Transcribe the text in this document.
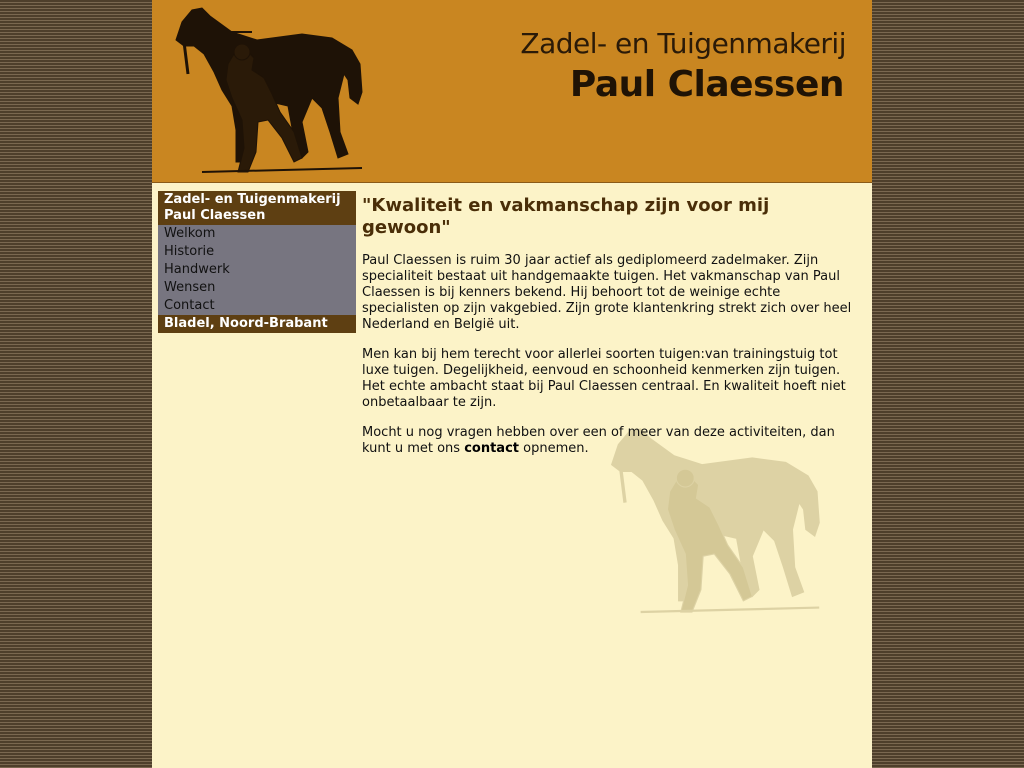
Zadel- en Tuigenmakerij
Paul Claessen
Zadel- en Tuigenmakerij
Paul Claessen
Welkom
Historie
Handwerk
Wensen
Contact
Bladel, Noord-Brabant
"Kwaliteit en vakmanschap zijn voor mij gewoon"

Paul Claessen is ruim 30 jaar actief als gediplomeerd zadelmaker. Zijn specialiteit bestaat uit handgemaakte tuigen. Het vakmanschap van Paul Claessen is bij kenners bekend. Hij behoort tot de weinige echte specialisten op zijn vakgebied. Zijn grote klantenkring strekt zich over heel Nederland en België uit.

Men kan bij hem terecht voor allerlei soorten tuigen:van trainingstuig tot luxe tuigen. Degelijkheid, eenvoud en schoonheid kenmerken zijn tuigen. Het echte ambacht staat bij Paul Claessen centraal. En kwaliteit hoeft niet onbetaalbaar te zijn.

Mocht u nog vragen hebben over een of meer van deze activiteiten, dan kunt u met ons contact opnemen.
